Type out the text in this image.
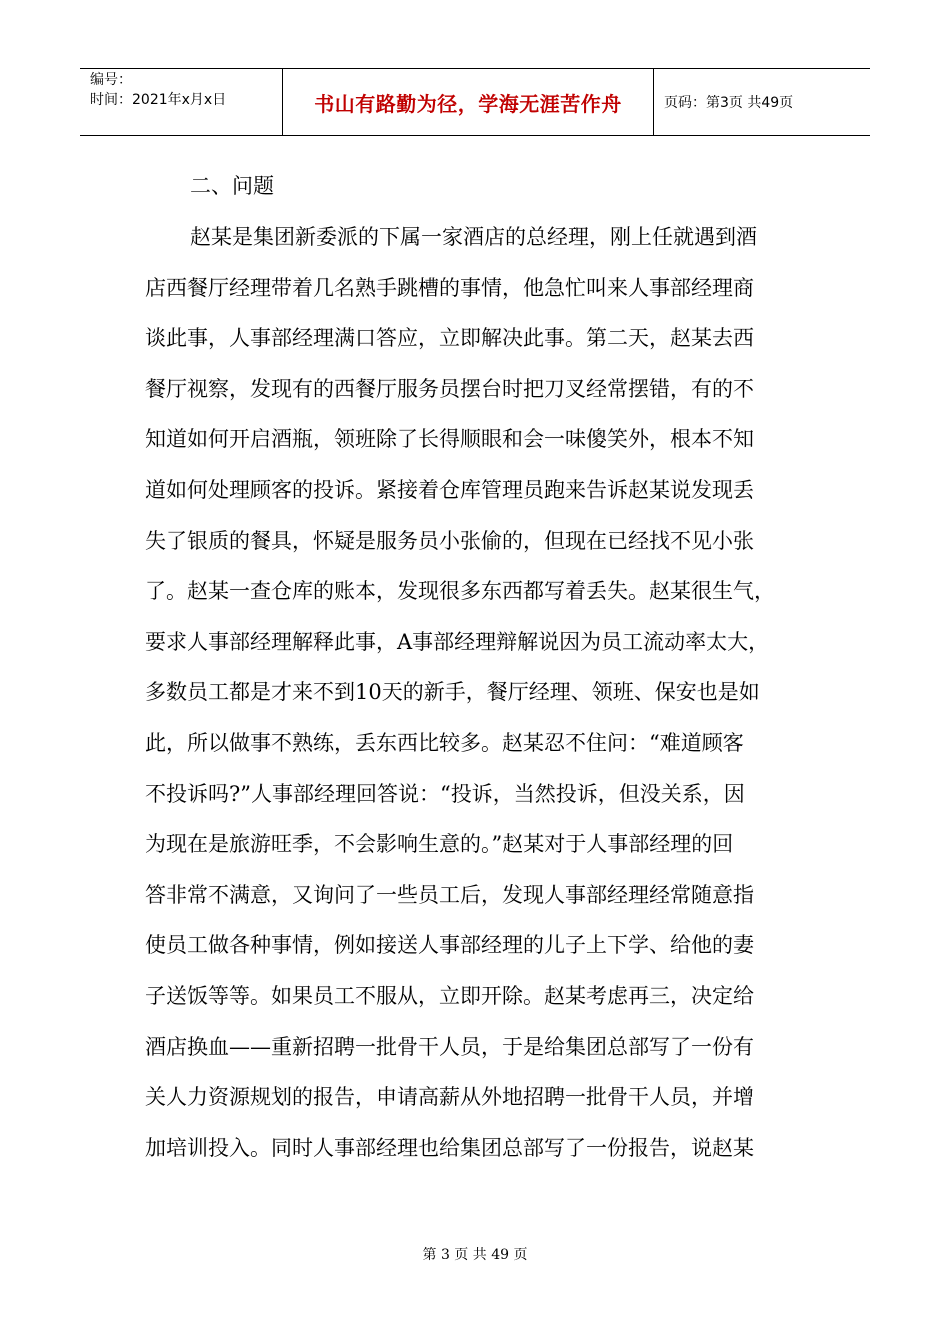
编号：
时间：2021年x月x日	书山有路勤为径，学海无涯苦作舟	页码：第3页 共49页
二、问题
赵某是集团新委派的下属一家酒店的总经理，刚上任就遇到酒
店西餐厅经理带着几名熟手跳槽的事情，他急忙叫来人事部经理商
谈此事，人事部经理满口答应，立即解决此事。第二天，赵某去西
餐厅视察，发现有的西餐厅服务员摆台时把刀叉经常摆错，有的不
知道如何开启酒瓶，领班除了长得顺眼和会一味傻笑外，根本不知
道如何处理顾客的投诉。紧接着仓库管理员跑来告诉赵某说发现丢
失了银质的餐具，怀疑是服务员小张偷的，但现在已经找不见小张
了。赵某一查仓库的账本，发现很多东西都写着丢失。赵某很生气，
要求人事部经理解释此事，A事部经理辩解说因为员工流动率太大，
多数员工都是才来不到10天的新手，餐厅经理、领班、保安也是如
此，所以做事不熟练，丢东西比较多。赵某忍不住问：“难道顾客
不投诉吗?”人事部经理回答说：“投诉，当然投诉，但没关系，因
为现在是旅游旺季，不会影响生意的。”赵某对于人事部经理的回
答非常不满意，又询问了一些员工后，发现人事部经理经常随意指
使员工做各种事情，例如接送人事部经理的儿子上下学、给他的妻
子送饭等等。如果员工不服从，立即开除。赵某考虑再三，决定给
酒店换血——重新招聘一批骨干人员，于是给集团总部写了一份有
关人力资源规划的报告，申请高薪从外地招聘一批骨干人员，并增
加培训投入。同时人事部经理也给集团总部写了一份报告，说赵某
第 3 页 共 49 页
